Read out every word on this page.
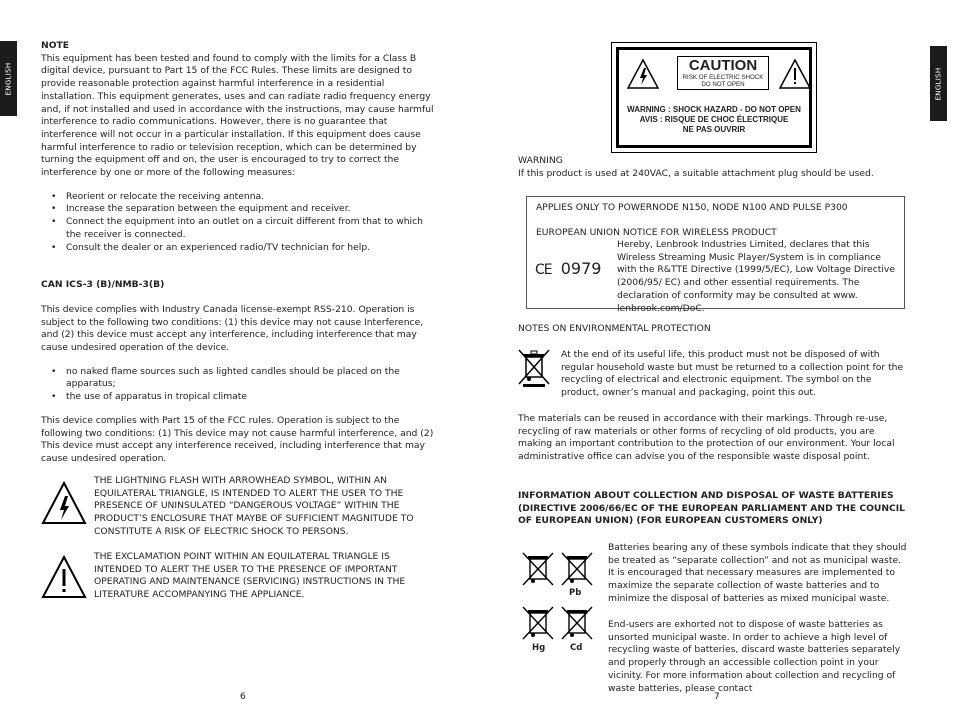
ENGLISH	ENGLISH

NOTE

This equipment has been tested and found to comply with the limits for a Class B digital device, pursuant to Part 15 of the FCC Rules. These limits are designed to provide reasonable protection against harmful interference in a residential installation. This equipment generates, uses and can radiate radio frequency energy and, if not installed and used in accordance with the instructions, may cause harmful interference to radio communications. However, there is no guarantee that interference will not occur in a particular installation. If this equipment does cause harmful interference to radio or television reception, which can be determined by turning the equipment off and on, the user is encouraged to try to correct the interference by one or more of the following measures:

• Reorient or relocate the receiving antenna.
• Increase the separation between the equipment and receiver.
• Connect the equipment into an outlet on a circuit different from that to which the receiver is connected.
• Consult the dealer or an experienced radio/TV technician for help.

CAN ICS-3 (B)/NMB-3(B)

This device complies with Industry Canada license-exempt RSS-210. Operation is subject to the following two conditions: (1) this device may not cause Interference, and (2) this device must accept any interference, including interference that may cause undesired operation of the device.

• no naked flame sources such as lighted candles should be placed on the apparatus;
• the use of apparatus in tropical climate

This device complies with Part 15 of the FCC rules. Operation is subject to the following two conditions: (1) This device may not cause harmful interference, and (2) This device must accept any interference received, including interference that may cause undesired operation.

THE LIGHTNING FLASH WITH ARROWHEAD SYMBOL, WITHIN AN EQUILATERAL TRIANGLE, IS INTENDED TO ALERT THE USER TO THE PRESENCE OF UNINSULATED “DANGEROUS VOLTAGE” WITHIN THE PRODUCT’S ENCLOSURE THAT MAYBE OF SUFFICIENT MAGNITUDE TO CONSTITUTE A RISK OF ELECTRIC SHOCK TO PERSONS.

THE EXCLAMATION POINT WITHIN AN EQUILATERAL TRIANGLE IS INTENDED TO ALERT THE USER TO THE PRESENCE OF IMPORTANT OPERATING AND MAINTENANCE (SERVICING) INSTRUCTIONS IN THE LITERATURE ACCOMPANYING THE APPLIANCE.

6
CAUTION
RISK OF ELECTRIC SHOCK
DO NOT OPEN
WARNING : SHOCK HAZARD - DO NOT OPEN
AVIS : RISQUE DE CHOC ÉLECTRIQUE
NE PAS OUVRIR

WARNING

If this product is used at 240VAC, a suitable attachment plug should be used.

APPLIES ONLY TO POWERNODE N150, NODE N100 AND PULSE P300

EUROPEAN UNION NOTICE FOR WIRELESS PRODUCT

CE 0979

Hereby, Lenbrook Industries Limited, declares that this Wireless Streaming Music Player/System is in compliance with the R&TTE Directive (1999/5/EC), Low Voltage Directive (2006/95/ EC) and other essential requirements. The declaration of conformity may be consulted at www. lenbrook.com/DoC.

NOTES ON ENVIRONMENTAL PROTECTION

At the end of its useful life, this product must not be disposed of with regular household waste but must be returned to a collection point for the recycling of electrical and electronic equipment. The symbol on the product, owner’s manual and packaging, point this out.

The materials can be reused in accordance with their markings. Through re-use, recycling of raw materials or other forms of recycling of old products, you are making an important contribution to the protection of our environment. Your local administrative office can advise you of the responsible waste disposal point.

INFORMATION ABOUT COLLECTION AND DISPOSAL OF WASTE BATTERIES (DIRECTIVE 2006/66/EC OF THE EUROPEAN PARLIAMENT AND THE COUNCIL OF EUROPEAN UNION) (FOR EUROPEAN CUSTOMERS ONLY)

Pb
Hg	Cd

Batteries bearing any of these symbols indicate that they should be treated as “separate collection” and not as municipal waste. It is encouraged that necessary measures are implemented to maximize the separate collection of waste batteries and to minimize the disposal of batteries as mixed municipal waste.

End-users are exhorted not to dispose of waste batteries as unsorted municipal waste. In order to achieve a high level of recycling waste of batteries, discard waste batteries separately and properly through an accessible collection point in your vicinity. For more information about collection and recycling of waste batteries, please contact

7
